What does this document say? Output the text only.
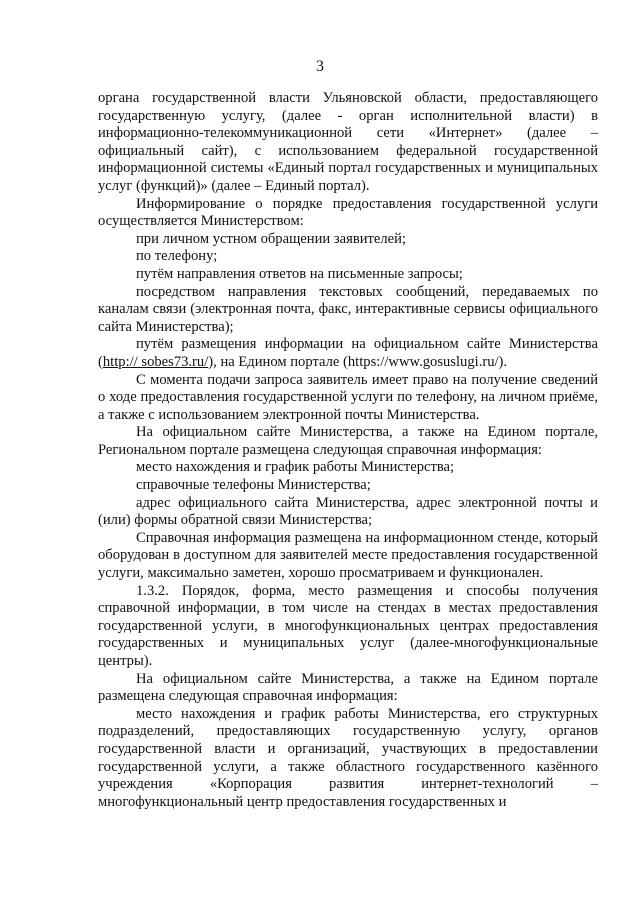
3

органа государственной власти Ульяновской области, предоставляющего государственную услугу, (далее - орган исполнительной власти) в информационно-телекоммуникационной сети «Интернет» (далее – официальный сайт), с использованием федеральной государственной информационной системы «Единый портал государственных и муниципальных услуг (функций)» (далее – Единый портал).

Информирование о порядке предоставления государственной услуги осуществляется Министерством:

при личном устном обращении заявителей;

по телефону;

путём направления ответов на письменные запросы;

посредством направления текстовых сообщений, передаваемых по каналам связи (электронная почта, факс, интерактивные сервисы официального сайта Министерства);

путём размещения информации на официальном сайте Министерства (http:// sobes73.ru/), на Едином портале (https://www.gosuslugi.ru/).

С момента подачи запроса заявитель имеет право на получение сведений о ходе предоставления государственной услуги по телефону, на личном приёме, а также с использованием электронной почты Министерства.

На официальном сайте Министерства, а также на Едином портале, Региональном портале размещена следующая справочная информация:

место нахождения и график работы Министерства;

справочные телефоны Министерства;

адрес официального сайта Министерства, адрес электронной почты и (или) формы обратной связи Министерства;

Справочная информация размещена на информационном стенде, который оборудован в доступном для заявителей месте предоставления государственной услуги, максимально заметен, хорошо просматриваем и функционален.

1.3.2. Порядок, форма, место размещения и способы получения справочной информации, в том числе на стендах в местах предоставления государственной услуги, в многофункциональных центрах предоставления государственных и муниципальных услуг (далее-многофункциональные центры).

На официальном сайте Министерства, а также на Едином портале размещена следующая справочная информация:

место нахождения и график работы Министерства, его структурных подразделений, предоставляющих государственную услугу, органов государственной власти и организаций, участвующих в предоставлении государственной услуги, а также областного государственного казённого учреждения «Корпорация развития интернет-технологий – многофункциональный центр предоставления государственных и
